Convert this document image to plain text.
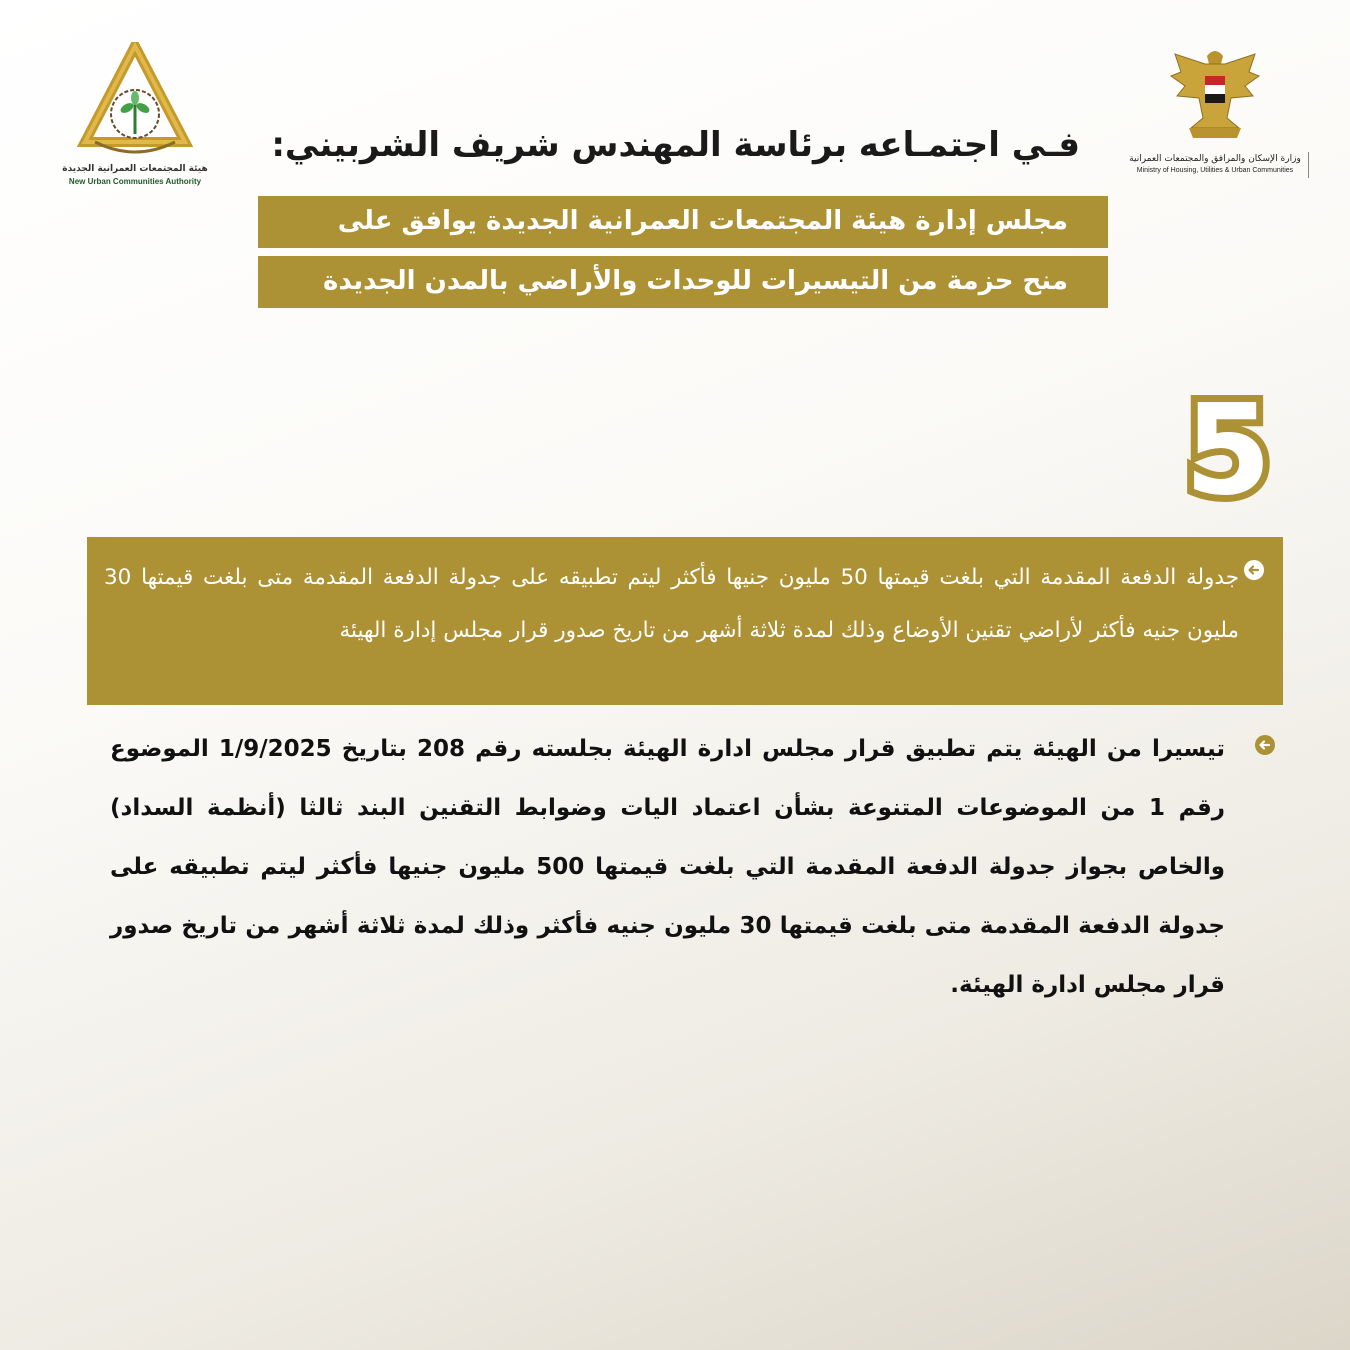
هيئة المجتمعات العمرانية الجديدة
New Urban Communities Authority
وزارة الإسكان والمرافق والمجتمعات العمرانية
Ministry of Housing, Utilities & Urban Communities
فـي اجتمـاعه برئاسة المهندس شريف الشربيني:
مجلس إدارة هيئة المجتمعات العمرانية الجديدة يوافق على
منح حزمة من التيسيرات للوحدات والأراضي بالمدن الجديدة
5
جدولة الدفعة المقدمة التي بلغت قيمتها 50 مليون جنيها فأكثر ليتم تطبيقه على جدولة الدفعة المقدمة متى بلغت قيمتها 30 مليون جنيه فأكثر لأراضي تقنين الأوضاع وذلك لمدة ثلاثة أشهر من تاريخ صدور قرار مجلس إدارة الهيئة
تيسيرا من الهيئة يتم تطبيق قرار مجلس ادارة الهيئة بجلسته رقم 208 بتاريخ 1/9/2025 الموضوع رقم 1 من الموضوعات المتنوعة بشأن اعتماد اليات وضوابط التقنين البند ثالثا (أنظمة السداد) والخاص بجواز جدولة الدفعة المقدمة التي بلغت قيمتها 500 مليون جنيها فأكثر ليتم تطبيقه على جدولة الدفعة المقدمة متى بلغت قيمتها 30 مليون جنيه فأكثر وذلك لمدة ثلاثة أشهر من تاريخ صدور قرار مجلس ادارة الهيئة.
